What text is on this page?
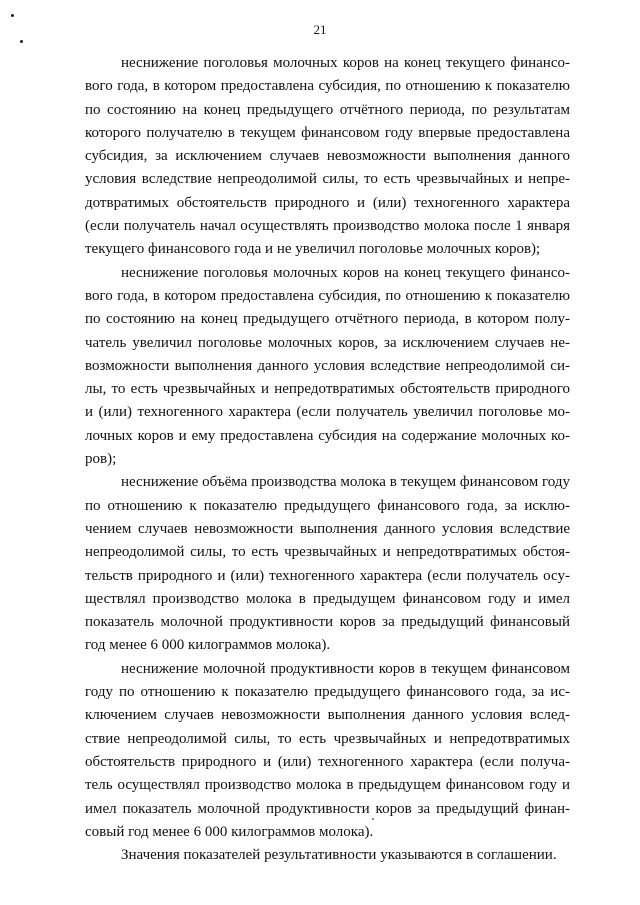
21

неснижение поголовья молочных коров на конец текущего финансового года, в котором предоставлена субсидия, по отношению к показателю по состоянию на конец предыдущего отчётного периода, по результатам которого получателю в текущем финансовом году впервые предоставлена субсидия, за исключением случаев невозможности выполнения данного условия вследствие непреодолимой силы, то есть чрезвычайных и непредотвратимых обстоятельств природного и (или) техногенного характера (если получатель начал осуществлять производство молока после 1 января текущего финансового года и не увеличил поголовье молочных коров);

неснижение поголовья молочных коров на конец текущего финансового года, в котором предоставлена субсидия, по отношению к показателю по состоянию на конец предыдущего отчётного периода, в котором получатель увеличил поголовье молочных коров, за исключением случаев невозможности выполнения данного условия вследствие непреодолимой силы, то есть чрезвычайных и непредотвратимых обстоятельств природного и (или) техногенного характера (если получатель увеличил поголовье молочных коров и ему предоставлена субсидия на содержание молочных коров);

неснижение объёма производства молока в текущем финансовом году по отношению к показателю предыдущего финансового года, за исключением случаев невозможности выполнения данного условия вследствие непреодолимой силы, то есть чрезвычайных и непредотвратимых обстоятельств природного и (или) техногенного характера (если получатель осуществлял производство молока в предыдущем финансовом году и имел показатель молочной продуктивности коров за предыдущий финансовый год менее 6 000 килограммов молока).

неснижение молочной продуктивности коров в текущем финансовом году по отношению к показателю предыдущего финансового года, за исключением случаев невозможности выполнения данного условия вследствие непреодолимой силы, то есть чрезвычайных и непредотвратимых обстоятельств природного и (или) техногенного характера (если получатель осуществлял производство молока в предыдущем финансовом году и имел показатель молочной продуктивности коров за предыдущий финансовый год менее 6 000 килограммов молока).

Значения показателей результативности указываются в соглашении.
